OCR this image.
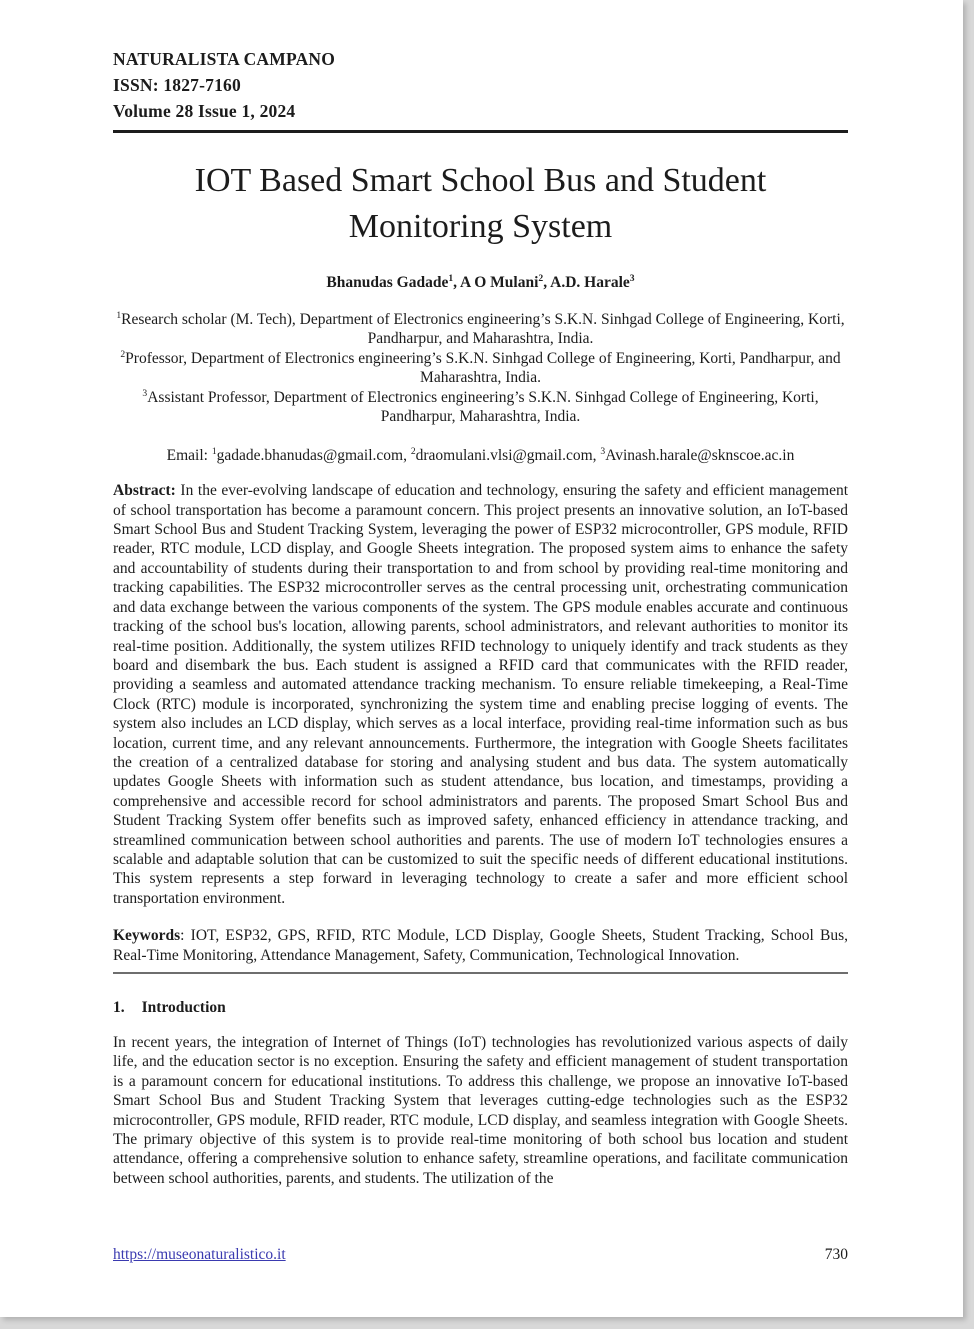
NATURALISTA CAMPANO
ISSN: 1827-7160
Volume 28 Issue 1, 2024
IOT Based Smart School Bus and Student
Monitoring System
Bhanudas Gadade$^1$, A O Mulani$^2$, A.D. Harale$^3$
$^1$Research scholar (M. Tech), Department of Electronics engineering’s S.K.N. Sinhgad College of Engineering, Korti, Pandharpur, and Maharashtra, India.
$^2$Professor, Department of Electronics engineering’s S.K.N. Sinhgad College of Engineering, Korti, Pandharpur, and Maharashtra, India.
$^3$Assistant Professor, Department of Electronics engineering’s S.K.N. Sinhgad College of Engineering, Korti, Pandharpur, Maharashtra, India.
Email: $^1$gadade.bhanudas@gmail.com, $^2$draomulani.vlsi@gmail.com, $^3$Avinash.harale@sknscoe.ac.in

Abstract: In the ever-evolving landscape of education and technology, ensuring the safety and efficient management of school transportation has become a paramount concern. This project presents an innovative solution, an IoT-based Smart School Bus and Student Tracking System, leveraging the power of ESP32 microcontroller, GPS module, RFID reader, RTC module, LCD display, and Google Sheets integration. The proposed system aims to enhance the safety and accountability of students during their transportation to and from school by providing real-time monitoring and tracking capabilities. The ESP32 microcontroller serves as the central processing unit, orchestrating communication and data exchange between the various components of the system. The GPS module enables accurate and continuous tracking of the school bus's location, allowing parents, school administrators, and relevant authorities to monitor its real-time position. Additionally, the system utilizes RFID technology to uniquely identify and track students as they board and disembark the bus. Each student is assigned a RFID card that communicates with the RFID reader, providing a seamless and automated attendance tracking mechanism. To ensure reliable timekeeping, a Real-Time Clock (RTC) module is incorporated, synchronizing the system time and enabling precise logging of events. The system also includes an LCD display, which serves as a local interface, providing real-time information such as bus location, current time, and any relevant announcements. Furthermore, the integration with Google Sheets facilitates the creation of a centralized database for storing and analysing student and bus data. The system automatically updates Google Sheets with information such as student attendance, bus location, and timestamps, providing a comprehensive and accessible record for school administrators and parents. The proposed Smart School Bus and Student Tracking System offer benefits such as improved safety, enhanced efficiency in attendance tracking, and streamlined communication between school authorities and parents. The use of modern IoT technologies ensures a scalable and adaptable solution that can be customized to suit the specific needs of different educational institutions. This system represents a step forward in leveraging technology to create a safer and more efficient school transportation environment.

Keywords: IOT, ESP32, GPS, RFID, RTC Module, LCD Display, Google Sheets, Student Tracking, School Bus, Real-Time Monitoring, Attendance Management, Safety, Communication, Technological Innovation.

1. Introduction

In recent years, the integration of Internet of Things (IoT) technologies has revolutionized various aspects of daily life, and the education sector is no exception. Ensuring the safety and efficient management of student transportation is a paramount concern for educational institutions. To address this challenge, we propose an innovative IoT-based Smart School Bus and Student Tracking System that leverages cutting-edge technologies such as the ESP32 microcontroller, GPS module, RFID reader, RTC module, LCD display, and seamless integration with Google Sheets. The primary objective of this system is to provide real-time monitoring of both school bus location and student attendance, offering a comprehensive solution to enhance safety, streamline operations, and facilitate communication between school authorities, parents, and students. The utilization of the

https://museonaturalistico.it	730
